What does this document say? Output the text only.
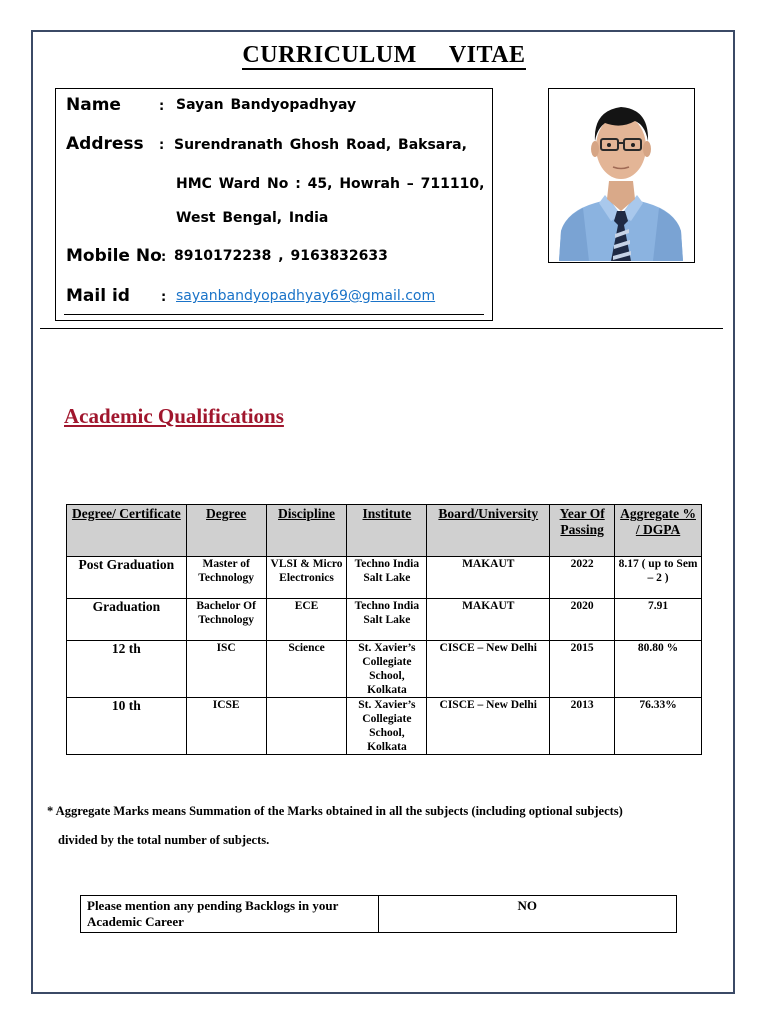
CURRICULUM     VITAE
Name	: Sayan Bandyopadhyay
Address : Surendranath Ghosh Road, Baksara,
HMC Ward No : 45, Howrah – 711110,
West Bengal, India
Mobile No : 8910172238 , 9163832633
Mail id : sayanbandyopadhyay69@gmail.com
Academic Qualifications
Degree/ Certificate	Degree	Discipline	Institute	Board/University	Year Of Passing	Aggregate % / DGPA
Post Graduation	Master of Technology	VLSI & Micro Electronics	Techno India Salt Lake	MAKAUT	2022	8.17 ( up to Sem – 2 )
Graduation	Bachelor Of Technology	ECE	Techno India Salt Lake	MAKAUT	2020	7.91
12 th	ISC	Science	St. Xavier’s Collegiate School, Kolkata	CISCE – New Delhi	2015	80.80 %
10 th	ICSE		St. Xavier’s Collegiate School, Kolkata	CISCE – New Delhi	2013	76.33%
* Aggregate Marks means Summation of the Marks obtained in all the subjects (including optional subjects)
divided by the total number of subjects.
Please mention any pending Backlogs in your Academic Career	NO
